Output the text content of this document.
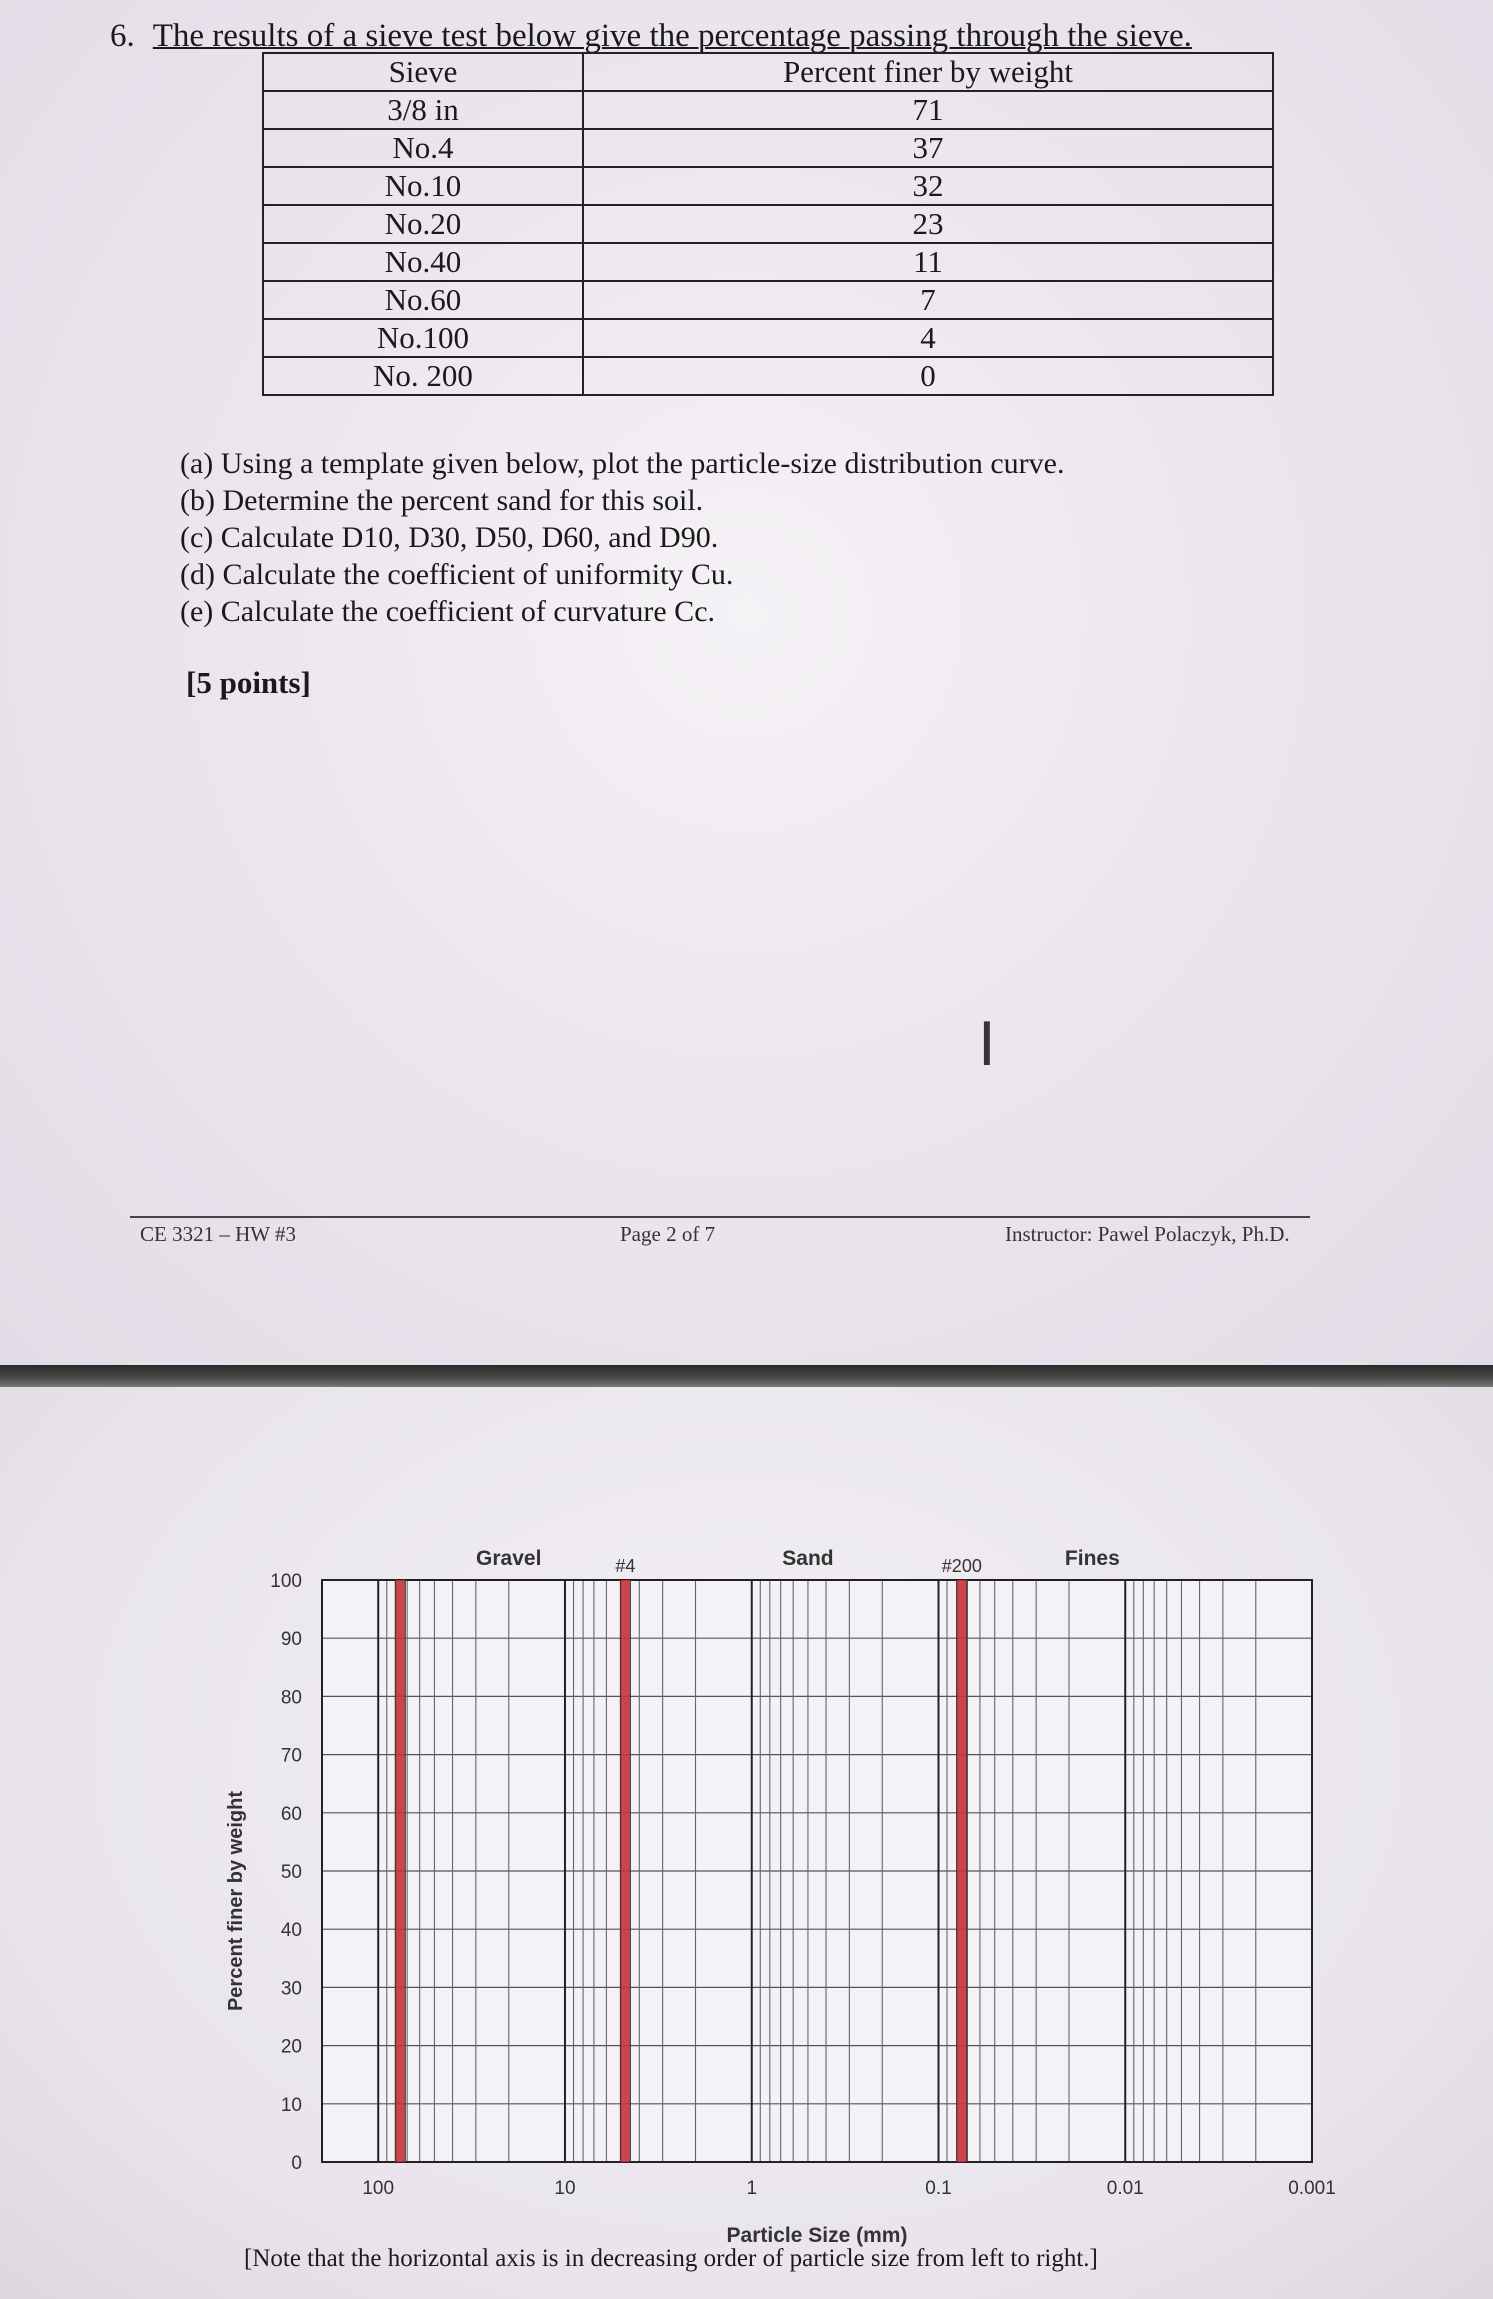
6. The results of a sieve test below give the percentage passing through the sieve.
Sieve	Percent finer by weight
3/8 in	71
No.4	37
No.10	32
No.20	23
No.40	11
No.60	7
No.100	4
No. 200	0
(a) Using a template given below, plot the particle-size distribution curve.
(b) Determine the percent sand for this soil.
(c) Calculate D10, D30, D50, D60, and D90.
(d) Calculate the coefficient of uniformity Cu.
(e) Calculate the coefficient of curvature Cc.
[5 points]
I
CE 3321 – HW #3	Page 2 of 7	Instructor: Pawel Polaczyk, Ph.D.
#4	#200
Gravel	Sand	Fines
0
10
20
30
40
50
60
70
80
90
100
100	10	1	0.1	0.01	0.001
Particle Size (mm)
Percent finer by weight
[Note that the horizontal axis is in decreasing order of particle size from left to right.]
